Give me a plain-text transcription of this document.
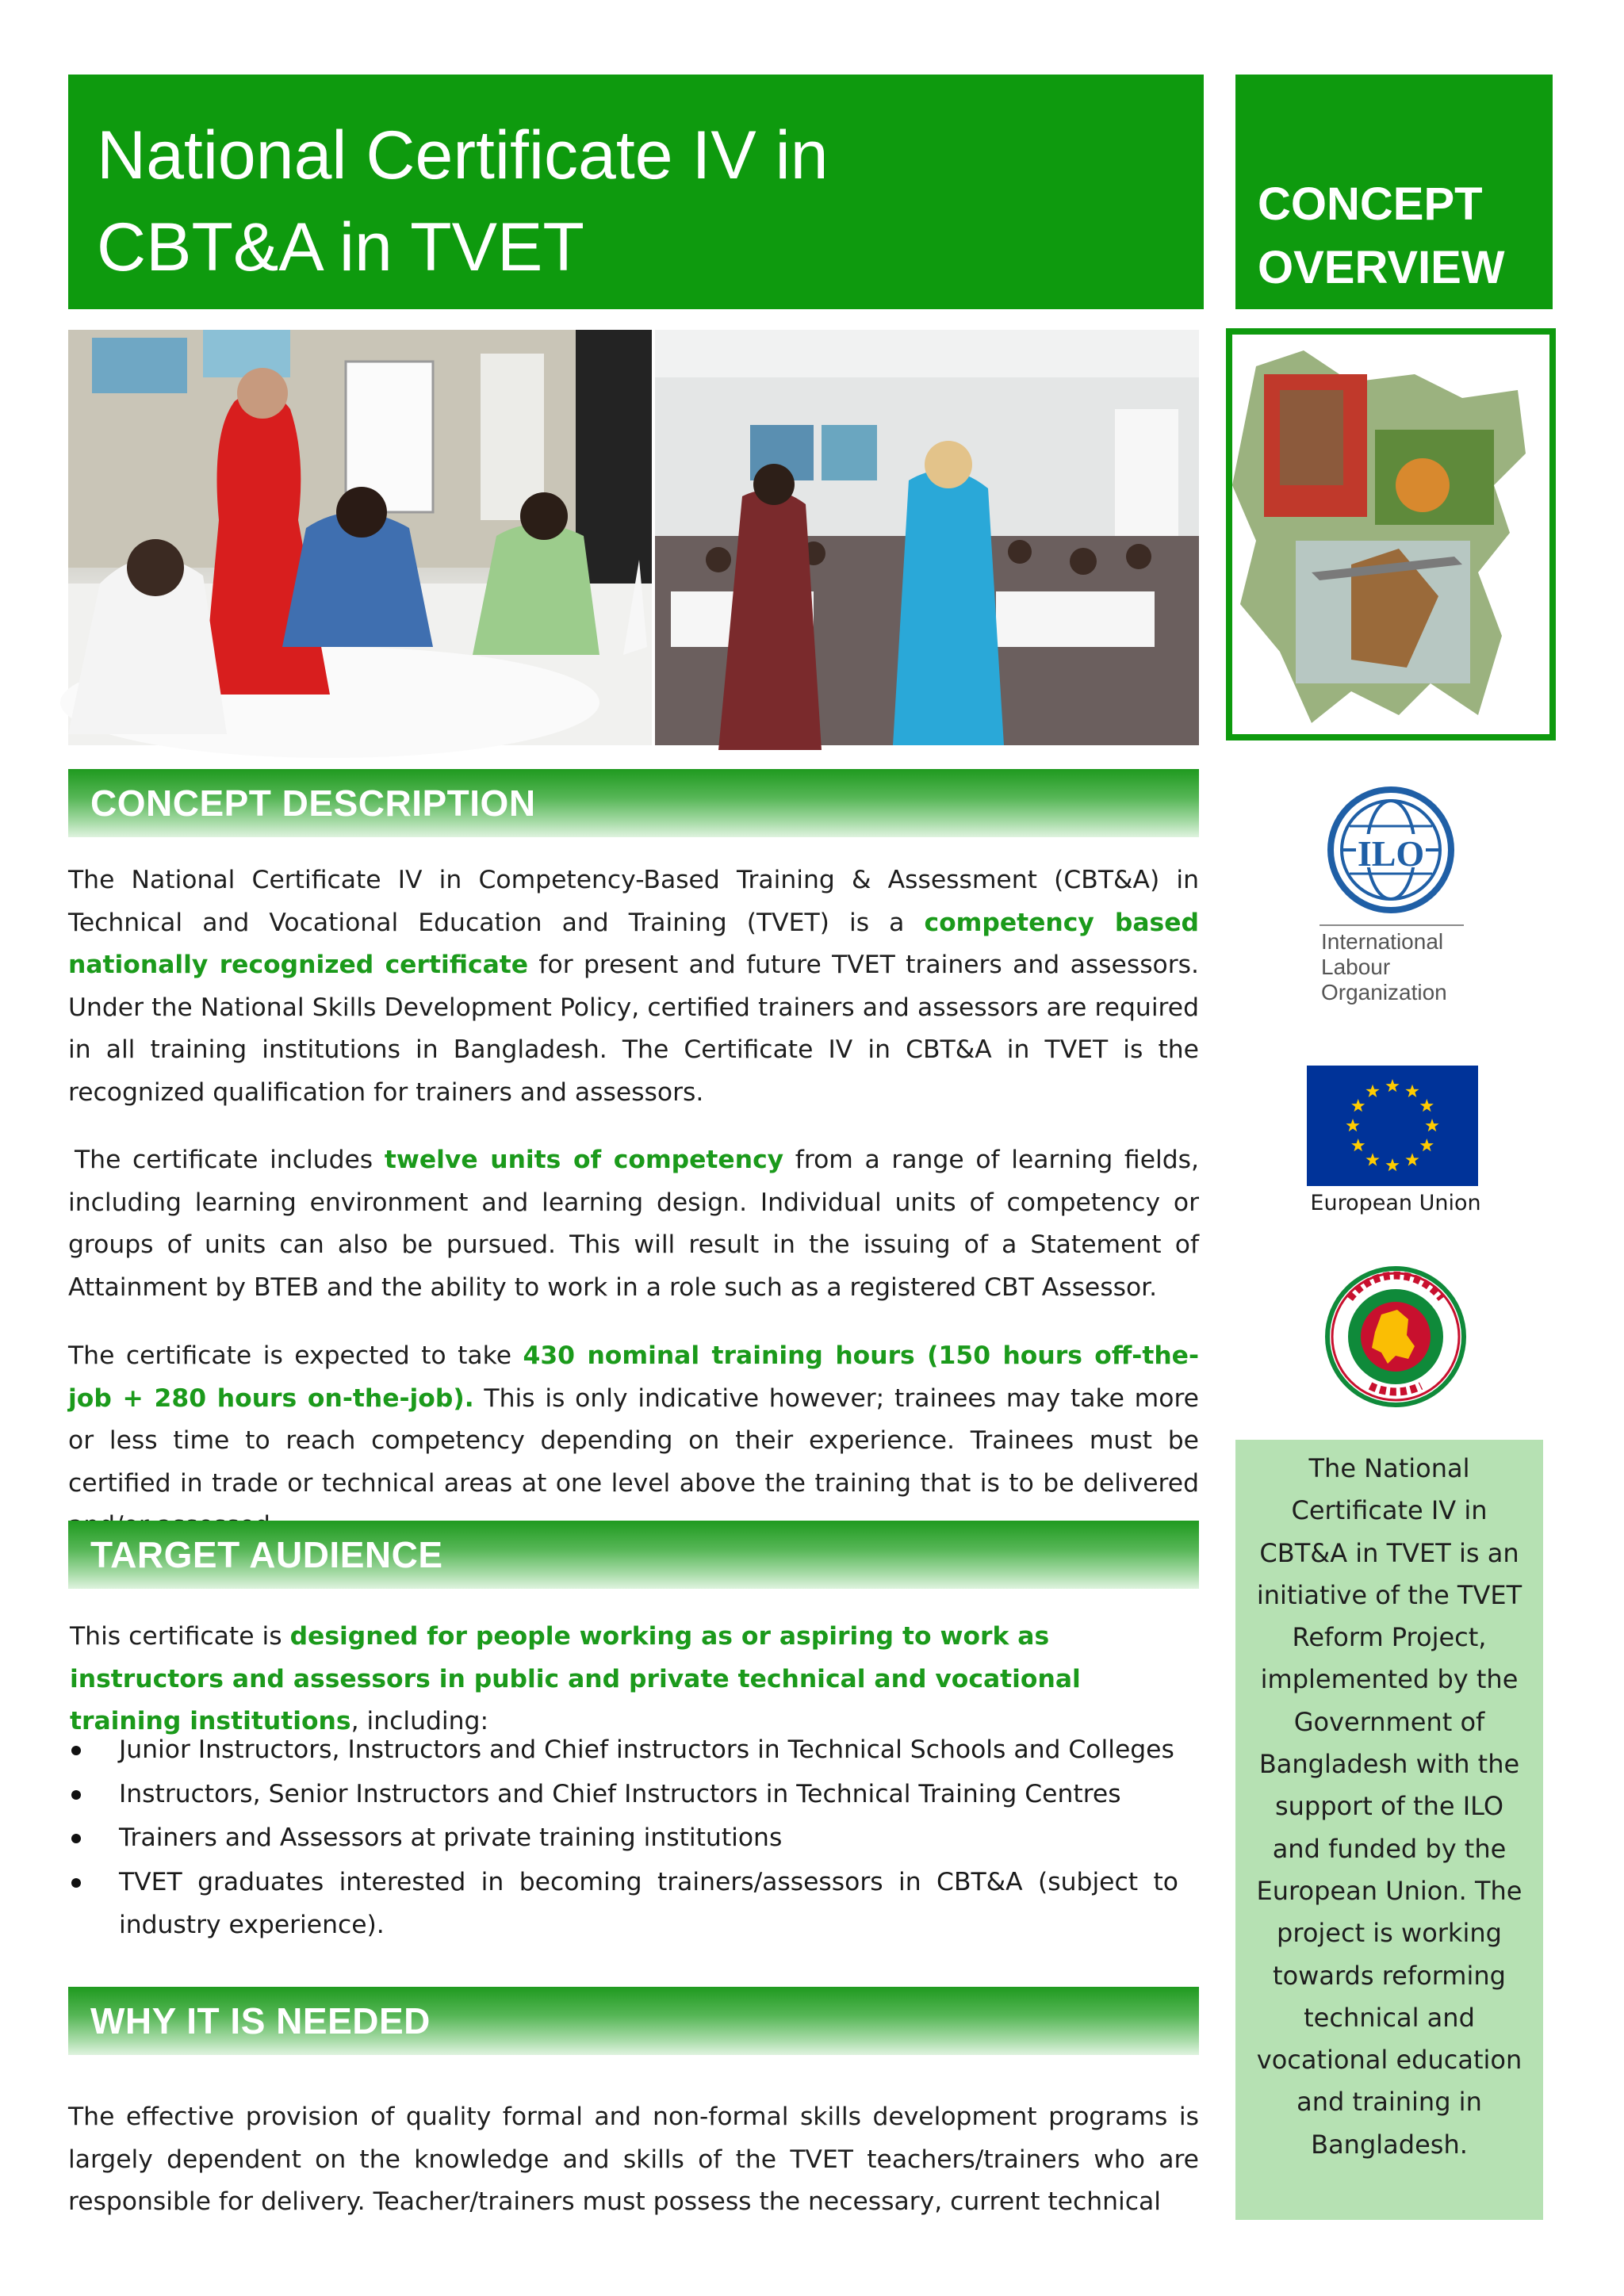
National Certificate IV in
CBT&A in TVET
CONCEPT
OVERVIEW
CONCEPT DESCRIPTION

The National Certificate IV in Competency-Based Training & Assessment (CBT&A) in Technical and Vocational Education and Training (TVET) is a competency based nationally recognized certificate for present and future TVET trainers and assessors. Under the National Skills Development Policy, certified trainers and assessors are required in all training institutions in Bangladesh. The Certificate IV in CBT&A in TVET is the recognized qualification for trainers and assessors.

The certificate includes twelve units of competency from a range of learning fields, including learning environment and learning design. Individual units of competency or groups of units can also be pursued. This will result in the issuing of a Statement of Attainment by BTEB and the ability to work in a role such as a registered CBT Assessor.

The certificate is expected to take 430 nominal training hours (150 hours off-the-job + 280 hours on-the-job). This is only indicative however; trainees may take more or less time to reach competency depending on their experience. Trainees must be certified in trade or technical areas at one level above the training that is to be delivered

TARGET AUDIENCE

This certificate is designed for people working as or aspiring to work as instructors and assessors in public and private technical and vocational training institutions, including:

Junior Instructors, Instructors and Chief instructors in Technical Schools and Colleges
Instructors, Senior Instructors and Chief Instructors in Technical Training Centres
Trainers and Assessors at private training institutions
TVET graduates interested in becoming trainers/assessors in CBT&A (subject to industry experience).
WHY IT IS NEEDED

The effective provision of quality formal and non-formal skills development programs is largely dependent on the knowledge and skills of the TVET teachers/trainers who are responsible for delivery. Teacher/trainers must possess the necessary, current technical

ILO
International
Labour
Organization
European Union

The National Certificate IV in CBT&A in TVET is an initiative of the TVET Reform Project, implemented by the Government of Bangladesh with the support of the ILO and funded by the European Union. The project is working towards reforming technical and vocational education and training in Bangladesh.
